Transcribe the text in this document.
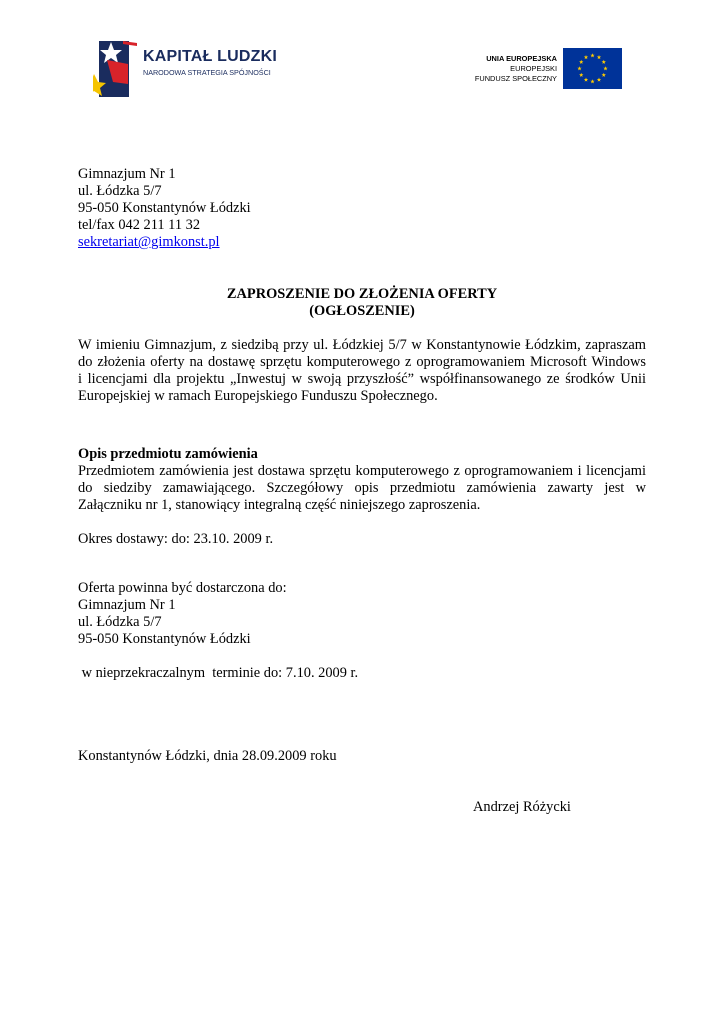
KAPITAŁ LUDZKI
NARODOWA STRATEGIA SPÓJNOŚCI
UNIA EUROPEJSKA
EUROPEJSKI
FUNDUSZ SPOŁECZNY
Gimnazjum Nr 1
ul. Łódzka 5/7
95-050 Konstantynów Łódzki
tel/fax 042 211 11 32
sekretariat@gimkonst.pl
ZAPROSZENIE DO ZŁOŻENIA OFERTY
(OGŁOSZENIE)
W imieniu Gimnazjum, z siedzibą przy ul. Łódzkiej 5/7 w Konstantynowie Łódzkim, zapraszam
do złożenia oferty na dostawę sprzętu komputerowego z oprogramowaniem Microsoft Windows
i licencjami dla projektu „Inwestuj w swoją przyszłość” współfinansowanego ze środków Unii
Europejskiej w ramach Europejskiego Funduszu Społecznego.
Opis przedmiotu zamówienia
Przedmiotem zamówienia jest dostawa sprzętu komputerowego z oprogramowaniem i licencjami
do siedziby zamawiającego. Szczegółowy opis przedmiotu zamówienia zawarty jest w
Załączniku nr 1, stanowiący integralną część niniejszego zaproszenia.
Okres dostawy: do: 23.10. 2009 r.
Oferta powinna być dostarczona do:
Gimnazjum Nr 1
ul. Łódzka 5/7
95-050 Konstantynów Łódzki
w nieprzekraczalnym  terminie do: 7.10. 2009 r.
Konstantynów Łódzki, dnia 28.09.2009 roku
Andrzej Różycki
